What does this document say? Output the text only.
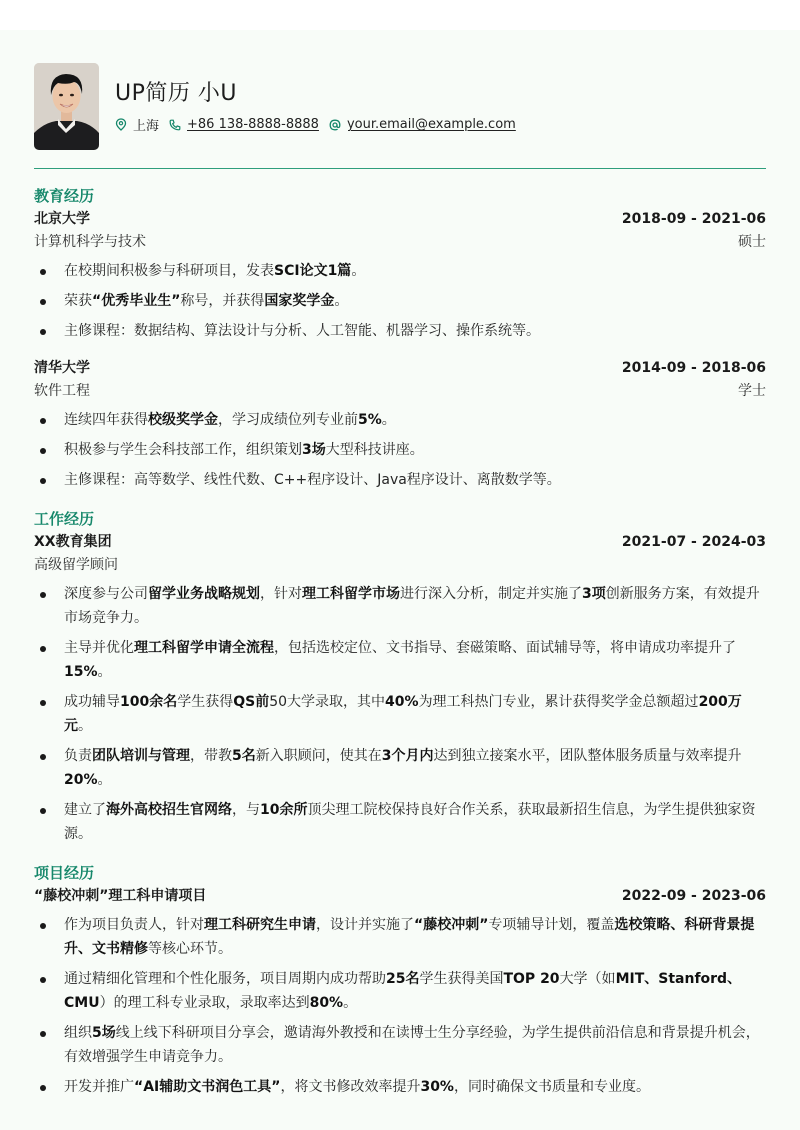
UP简历 小U
上海 +86 138-8888-8888 your.email@example.com
教育经历
北京大学	2018-09 - 2021-06
计算机科学与技术	硕士
在校期间积极参与科研项目，发表SCI论文1篇。
荣获“优秀毕业生”称号，并获得国家奖学金。
主修课程：数据结构、算法设计与分析、人工智能、机器学习、操作系统等。
清华大学	2014-09 - 2018-06
软件工程	学士
连续四年获得校级奖学金，学习成绩位列专业前5%。
积极参与学生会科技部工作，组织策划3场大型科技讲座。
主修课程：高等数学、线性代数、C++程序设计、Java程序设计、离散数学等。
工作经历
XX教育集团	2021-07 - 2024-03
高级留学顾问
深度参与公司留学业务战略规划，针对理工科留学市场进行深入分析，制定并实施了3项创新服务方案，有效提升市场竞争力。
主导并优化理工科留学申请全流程，包括选校定位、文书指导、套磁策略、面试辅导等，将申请成功率提升了15%。
成功辅导100余名学生获得QS前50大学录取，其中40%为理工科热门专业，累计获得奖学金总额超过200万元。
负责团队培训与管理，带教5名新入职顾问，使其在3个月内达到独立接案水平，团队整体服务质量与效率提升20%。
建立了海外高校招生官网络，与10余所顶尖理工院校保持良好合作关系，获取最新招生信息，为学生提供独家资源。
项目经历
“藤校冲刺”理工科申请项目	2022-09 - 2023-06
作为项目负责人，针对理工科研究生申请，设计并实施了“藤校冲刺”专项辅导计划，覆盖选校策略、科研背景提升、文书精修等核心环节。
通过精细化管理和个性化服务，项目周期内成功帮助25名学生获得美国TOP 20大学（如MIT、Stanford、CMU）的理工科专业录取，录取率达到80%。
组织5场线上线下科研项目分享会，邀请海外教授和在读博士生分享经验，为学生提供前沿信息和背景提升机会，有效增强学生申请竞争力。
开发并推广“AI辅助文书润色工具”，将文书修改效率提升30%，同时确保文书质量和专业度。
